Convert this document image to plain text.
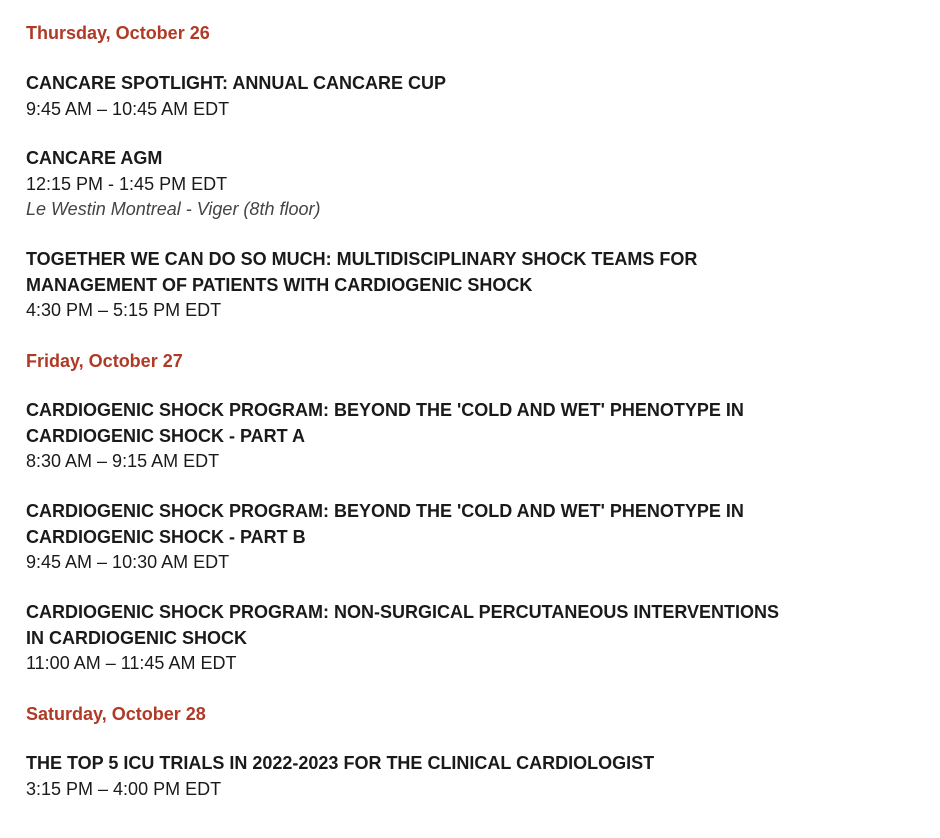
Thursday, October 26
CANCARE SPOTLIGHT: ANNUAL CANCARE CUP
9:45 AM – 10:45 AM EDT
CANCARE AGM
12:15 PM - 1:45 PM EDT
Le Westin Montreal - Viger (8th floor)
TOGETHER WE CAN DO SO MUCH: MULTIDISCIPLINARY SHOCK TEAMS FOR
MANAGEMENT OF PATIENTS WITH CARDIOGENIC SHOCK
4:30 PM – 5:15 PM EDT
Friday, October 27
CARDIOGENIC SHOCK PROGRAM: BEYOND THE 'COLD AND WET' PHENOTYPE IN
CARDIOGENIC SHOCK - PART A
8:30 AM – 9:15 AM EDT
CARDIOGENIC SHOCK PROGRAM: BEYOND THE 'COLD AND WET' PHENOTYPE IN
CARDIOGENIC SHOCK - PART B
9:45 AM – 10:30 AM EDT
CARDIOGENIC SHOCK PROGRAM: NON-SURGICAL PERCUTANEOUS INTERVENTIONS
IN CARDIOGENIC SHOCK
11:00 AM – 11:45 AM EDT
Saturday, October 28
THE TOP 5 ICU TRIALS IN 2022-2023 FOR THE CLINICAL CARDIOLOGIST
3:15 PM – 4:00 PM EDT
